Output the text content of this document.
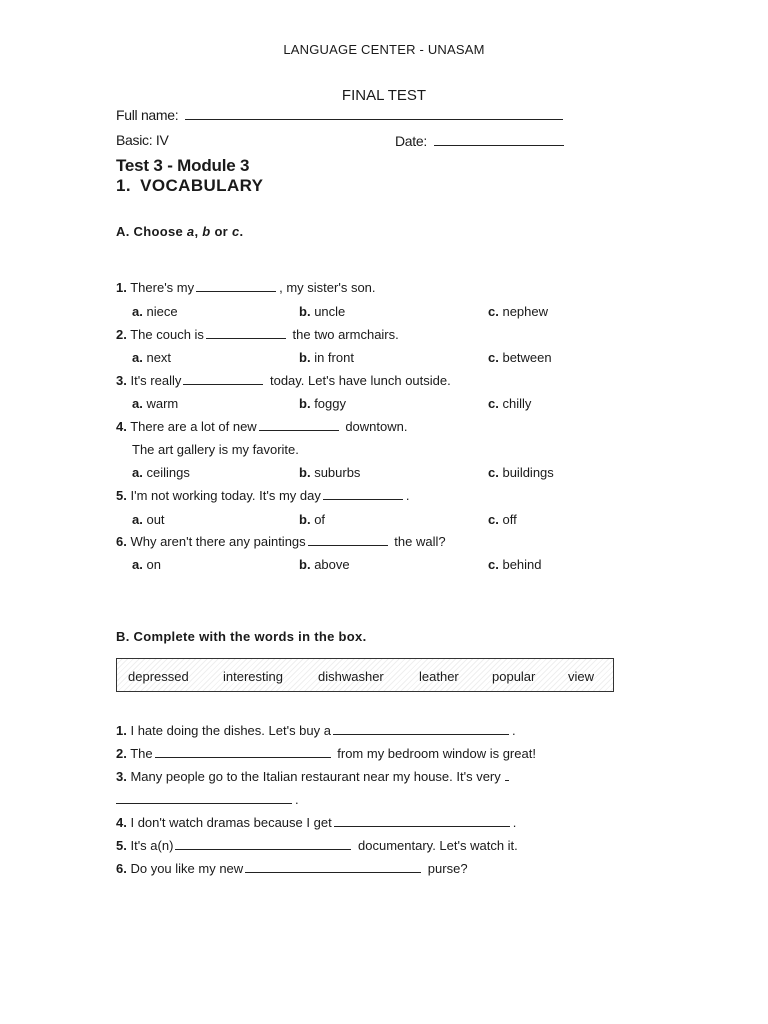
LANGUAGE CENTER - UNASAM
FINAL TEST
Full name:
Basic: IV	Date:
Test 3 - Module 3
1. VOCABULARY
A. Choose a, b or c.
1. There's my	, my sister's son.
a. niece	b. uncle	c. nephew
2. The couch is	the two armchairs.
a. next	b. in front	c. between
3. It's really	today. Let's have lunch outside.
a. warm	b. foggy	c. chilly
4. There are a lot of new	downtown.
The art gallery is my favorite.
a. ceilings	b. suburbs	c. buildings
5. I'm not working today. It's my day	.
a. out	b. of	c. off
6. Why aren't there any paintings	the wall?
a. on	b. above	c. behind
B. Complete with the words in the box.
depressed	interesting	dishwasher	leather	popular	view
1. I hate doing the dishes. Let's buy a	.
2. The	from my bedroom window is great!
3. Many people go to the Italian restaurant near my house. It's very
.
4. I don't watch dramas because I get	.
5. It's a(n)	documentary. Let's watch it.
6. Do you like my new	purse?
